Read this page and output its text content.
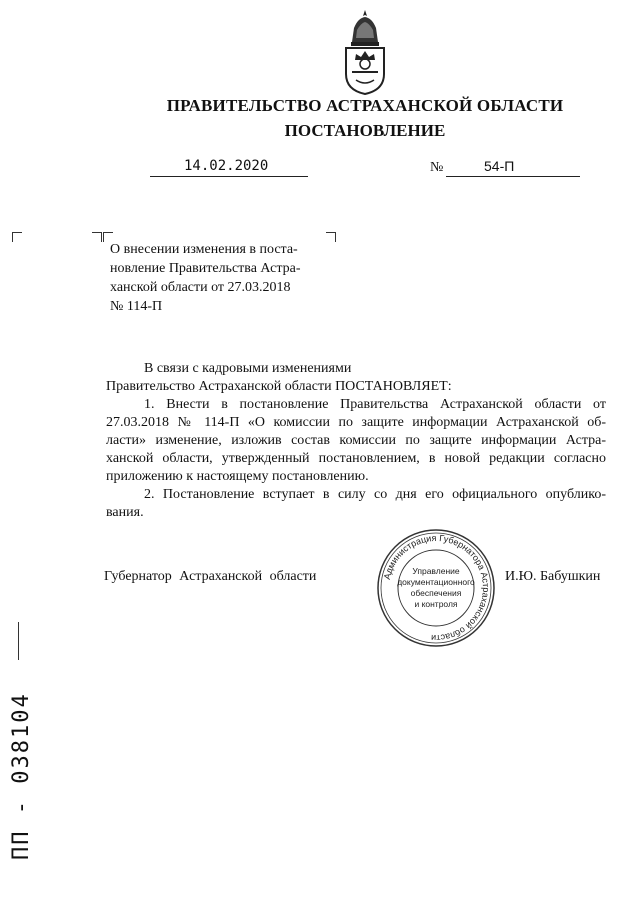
ПРАВИТЕЛЬСТВО АСТРАХАНСКОЙ ОБЛАСТИ
ПОСТАНОВЛЕНИЕ
14.02.2020	№	54-П
О внесении изменения в поста-
новление Правительства Астра-
ханской области от 27.03.2018
№ 114-П
В связи с кадровыми изменениями
Правительство Астраханской области ПОСТАНОВЛЯЕТ:
1. Внести в постановление Правительства Астраханской области от
27.03.2018 № 114-П «О комиссии по защите информации Астраханской об-
ласти» изменение, изложив состав комиссии по защите информации Астра-
ханской области, утвержденный постановлением, в новой редакции согласно
приложению к настоящему постановлению.
2. Постановление вступает в силу со дня его официального опублико-
вания.
Губернатор Астраханской области	И.Ю. Бабушкин
Администрация Губернатора Астраханской области
Управление
документационного
обеспечения
и контроля
ПП - 038104
